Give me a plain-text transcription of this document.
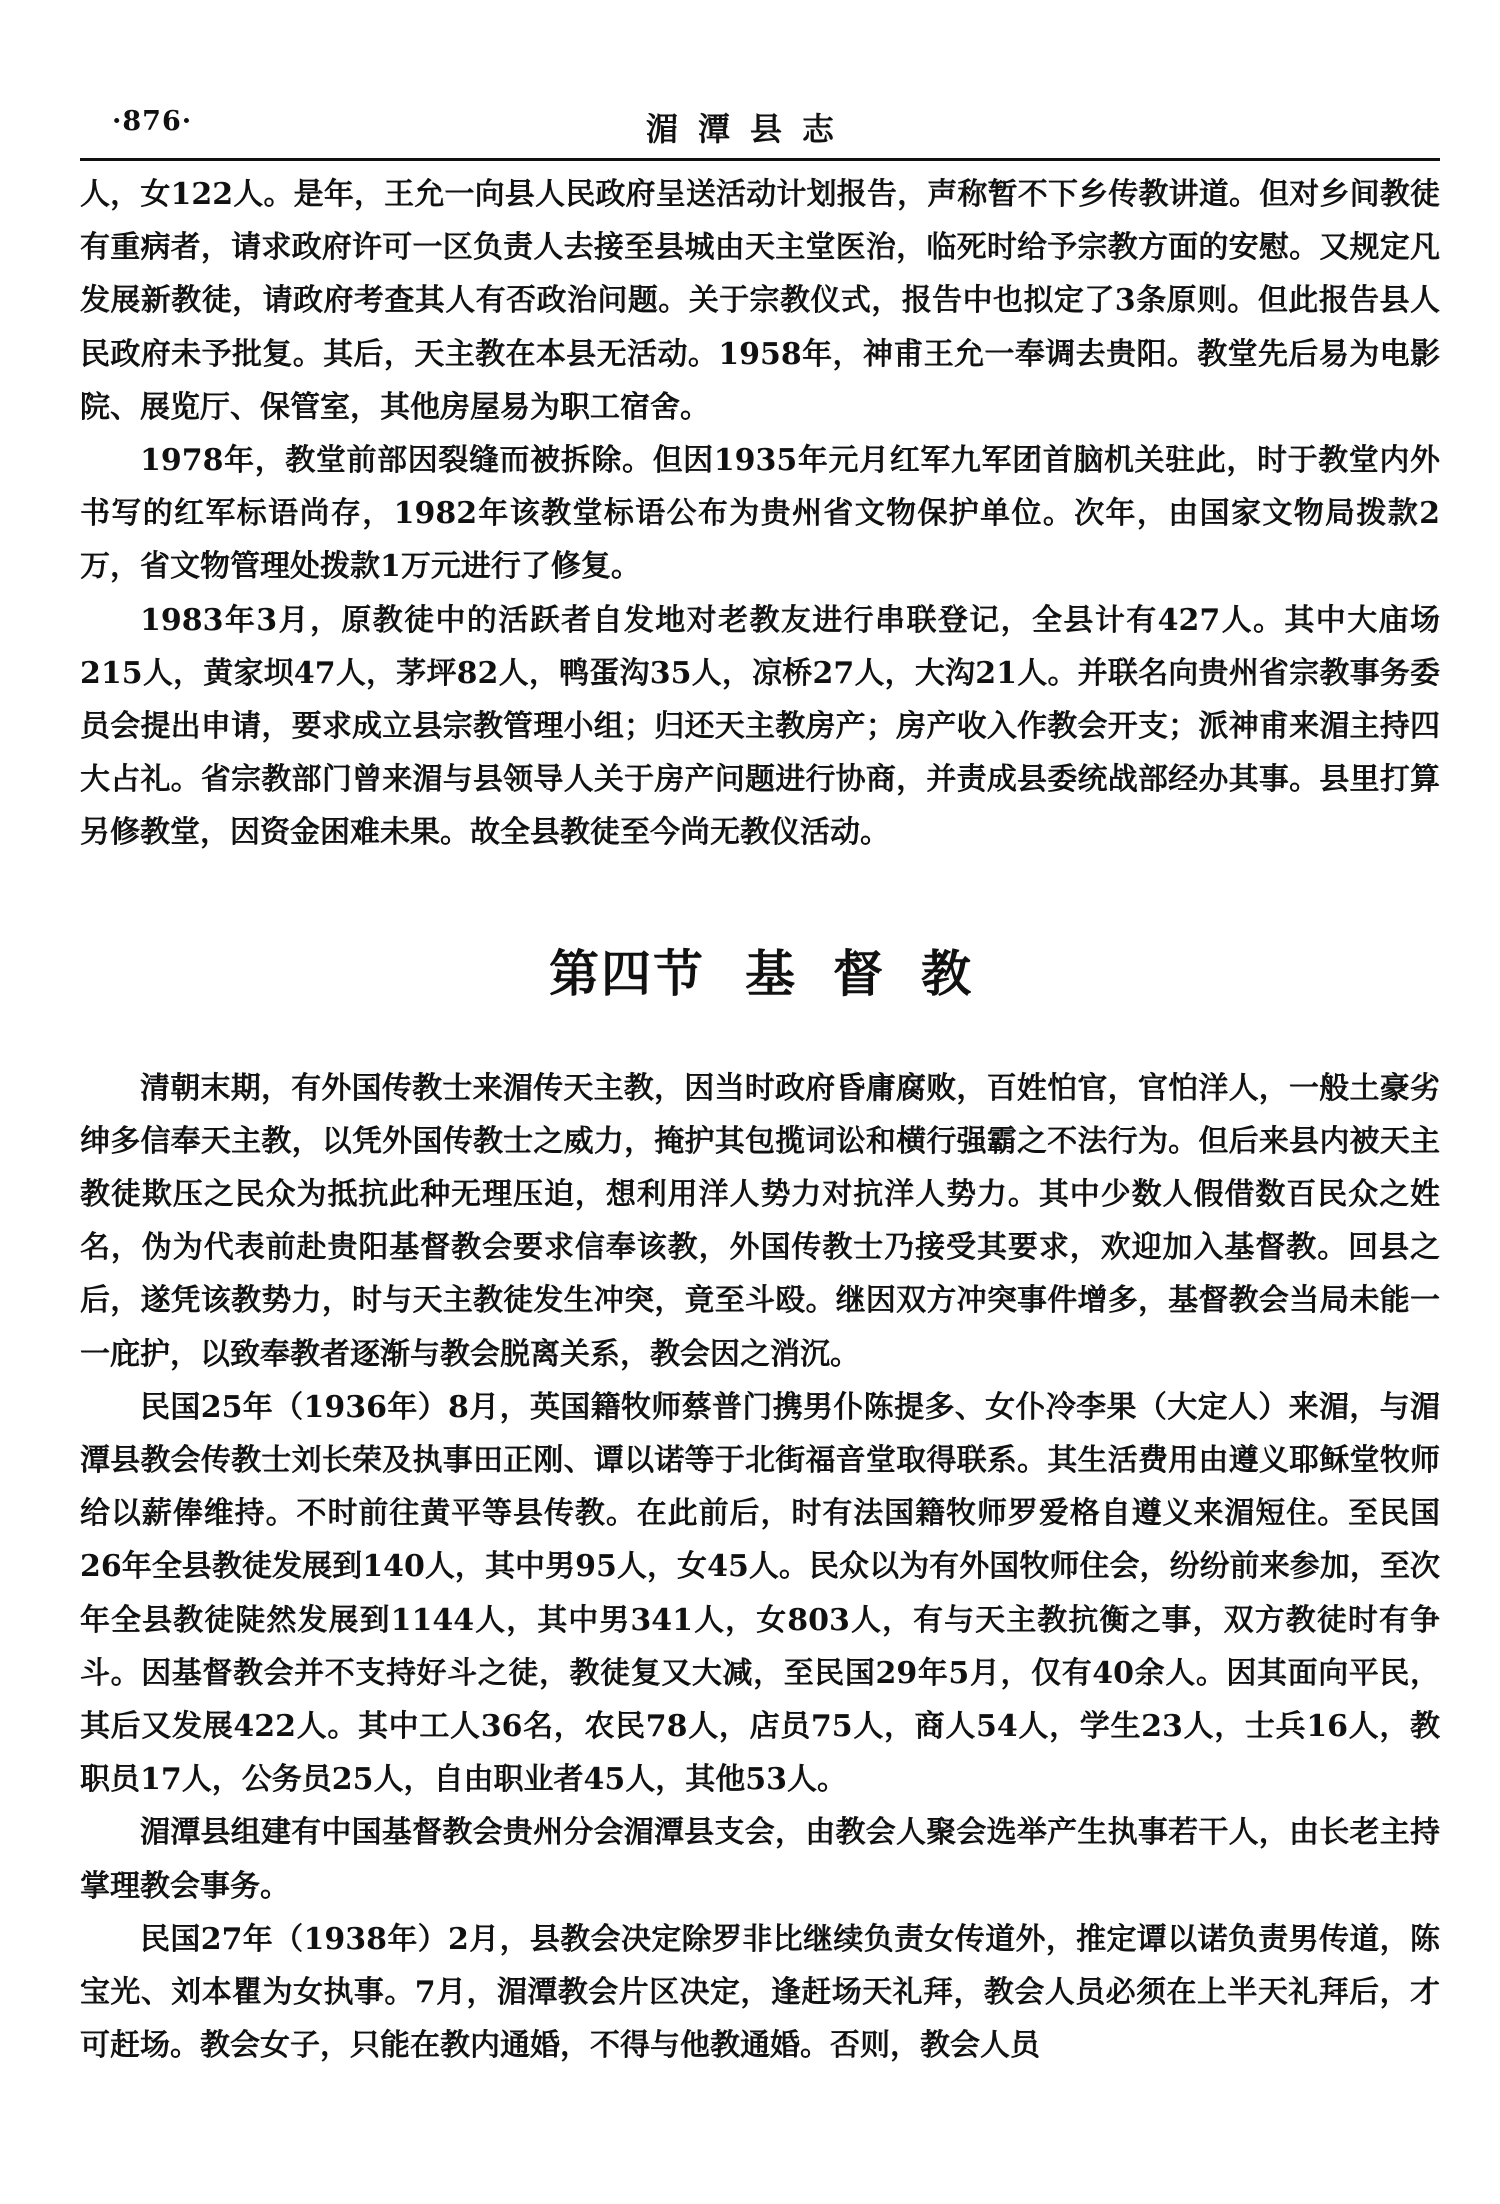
·876·	湄潭县志

人，女122人。是年，王允一向县人民政府呈送活动计划报告，声称暂不下乡传教讲道。但对乡间教徒有重病者，请求政府许可一区负责人去接至县城由天主堂医治，临死时给予宗教方面的安慰。又规定凡发展新教徒，请政府考查其人有否政治问题。关于宗教仪式，报告中也拟定了3条原则。但此报告县人民政府未予批复。其后，天主教在本县无活动。1958年，神甫王允一奉调去贵阳。教堂先后易为电影院、展览厅、保管室，其他房屋易为职工宿舍。

1978年，教堂前部因裂缝而被拆除。但因1935年元月红军九军团首脑机关驻此，时于教堂内外书写的红军标语尚存，1982年该教堂标语公布为贵州省文物保护单位。次年，由国家文物局拨款2万，省文物管理处拨款1万元进行了修复。

1983年3月，原教徒中的活跃者自发地对老教友进行串联登记，全县计有427人。其中大庙场215人，黄家坝47人，茅坪82人，鸭蛋沟35人，凉桥27人，大沟21人。并联名向贵州省宗教事务委员会提出申请，要求成立县宗教管理小组；归还天主教房产；房产收入作教会开支；派神甫来湄主持四大占礼。省宗教部门曾来湄与县领导人关于房产问题进行协商，并责成县委统战部经办其事。县里打算另修教堂，因资金困难未果。故全县教徒至今尚无教仪活动。

第四节 基督教

清朝末期，有外国传教士来湄传天主教，因当时政府昏庸腐败，百姓怕官，官怕洋人，一般土豪劣绅多信奉天主教，以凭外国传教士之威力，掩护其包揽词讼和横行强霸之不法行为。但后来县内被天主教徒欺压之民众为抵抗此种无理压迫，想利用洋人势力对抗洋人势力。其中少数人假借数百民众之姓名，伪为代表前赴贵阳基督教会要求信奉该教，外国传教士乃接受其要求，欢迎加入基督教。回县之后，遂凭该教势力，时与天主教徒发生冲突，竟至斗殴。继因双方冲突事件增多，基督教会当局未能一一庇护，以致奉教者逐渐与教会脱离关系，教会因之消沉。

民国25年（1936年）8月，英国籍牧师蔡普门携男仆陈提多、女仆冷李果（大定人）来湄，与湄潭县教会传教士刘长荣及执事田正刚、谭以诺等于北街福音堂取得联系。其生活费用由遵义耶稣堂牧师给以薪俸维持。不时前往黄平等县传教。在此前后，时有法国籍牧师罗爱格自遵义来湄短住。至民国26年全县教徒发展到140人，其中男95人，女45人。民众以为有外国牧师住会，纷纷前来参加，至次年全县教徒陡然发展到1144人，其中男341人，女803人，有与天主教抗衡之事，双方教徒时有争斗。因基督教会并不支持好斗之徒，教徒复又大减，至民国29年5月，仅有40余人。因其面向平民，其后又发展422人。其中工人36名，农民78人，店员75人，商人54人，学生23人，士兵16人，教职员17人，公务员25人，自由职业者45人，其他53人。

湄潭县组建有中国基督教会贵州分会湄潭县支会，由教会人聚会选举产生执事若干人，由长老主持掌理教会事务。

民国27年（1938年）2月，县教会决定除罗非比继续负责女传道外，推定谭以诺负责男传道，陈宝光、刘本瞿为女执事。7月，湄潭教会片区决定，逢赶场天礼拜，教会人员必须在上半天礼拜后，才可赶场。教会女子，只能在教内通婚，不得与他教通婚。否则，教会人员
